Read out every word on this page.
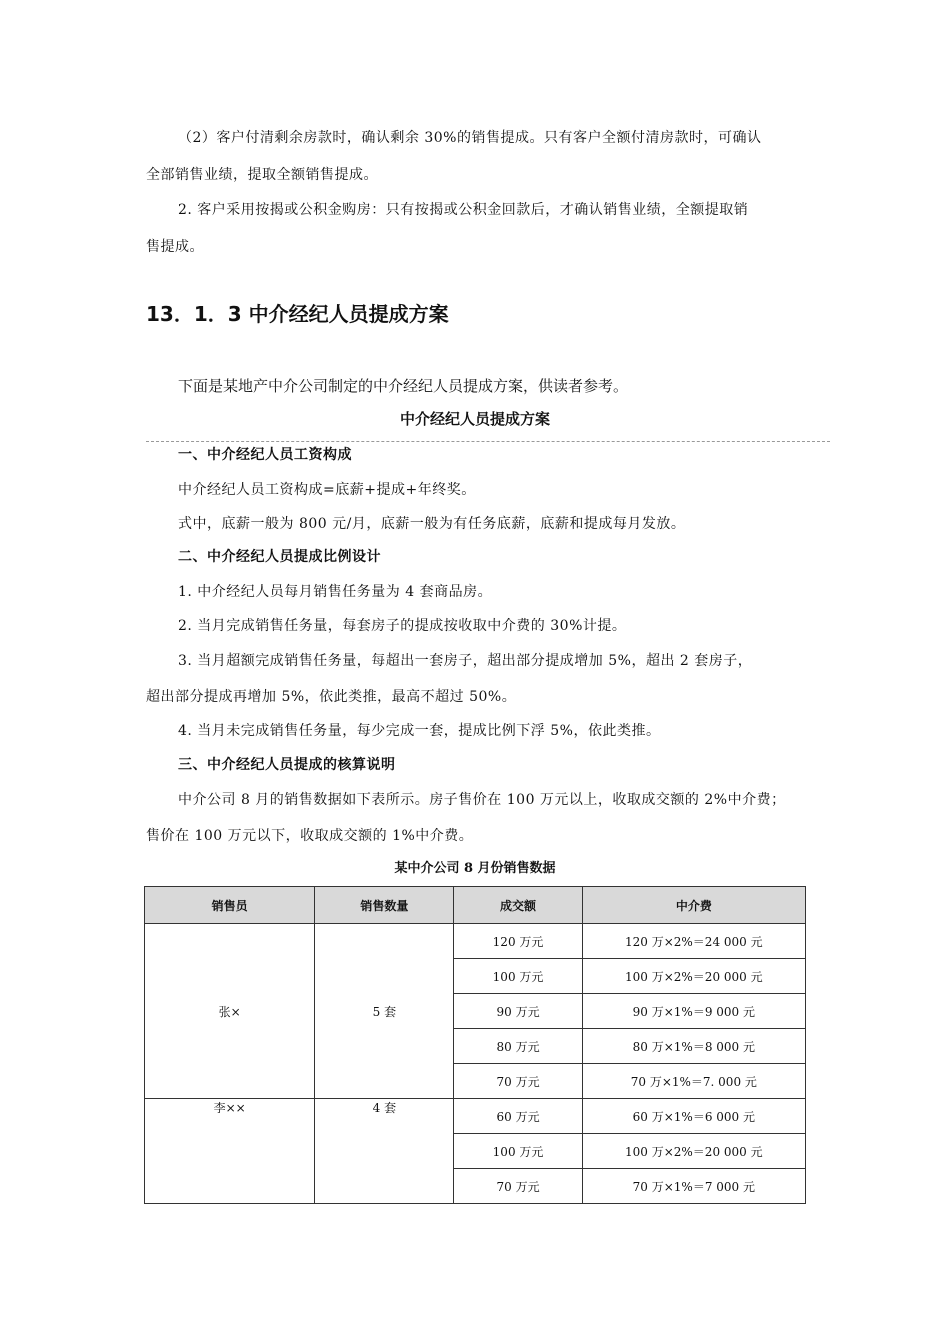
（2）客户付清剩余房款时，确认剩余 30%的销售提成。只有客户全额付清房款时，可确认
全部销售业绩，提取全额销售提成。
2. 客户采用按揭或公积金购房：只有按揭或公积金回款后，才确认销售业绩，全额提取销
售提成。
13．1．3 中介经纪人员提成方案
下面是某地产中介公司制定的中介经纪人员提成方案，供读者参考。
中介经纪人员提成方案
一、中介经纪人员工资构成
中介经纪人员工资构成=底薪+提成+年终奖。
式中，底薪一般为 800 元/月，底薪一般为有任务底薪，底薪和提成每月发放。
二、中介经纪人员提成比例设计
1. 中介经纪人员每月销售任务量为 4 套商品房。
2. 当月完成销售任务量，每套房子的提成按收取中介费的 30%计提。
3. 当月超额完成销售任务量，每超出一套房子，超出部分提成增加 5%，超出 2 套房子，
超出部分提成再增加 5%，依此类推，最高不超过 50%。
4. 当月未完成销售任务量，每少完成一套，提成比例下浮 5%，依此类推。
三、中介经纪人员提成的核算说明
中介公司 8 月的销售数据如下表所示。房子售价在 100 万元以上，收取成交额的 2%中介费；
售价在 100 万元以下，收取成交额的 1%中介费。
某中介公司 8 月份销售数据
销售员	销售数量	成交额	中介费
张×	5 套	120 万元	120 万×2%＝24 000 元
		100 万元	100 万×2%＝20 000 元
		90 万元	90 万×1%＝9 000 元
		80 万元	80 万×1%＝8 000 元
		70 万元	70 万×1%＝7. 000 元
李××	4 套	60 万元	60 万×1%＝6 000 元
		100 万元	100 万×2%＝20 000 元
		70 万元	70 万×1%＝7 000 元
